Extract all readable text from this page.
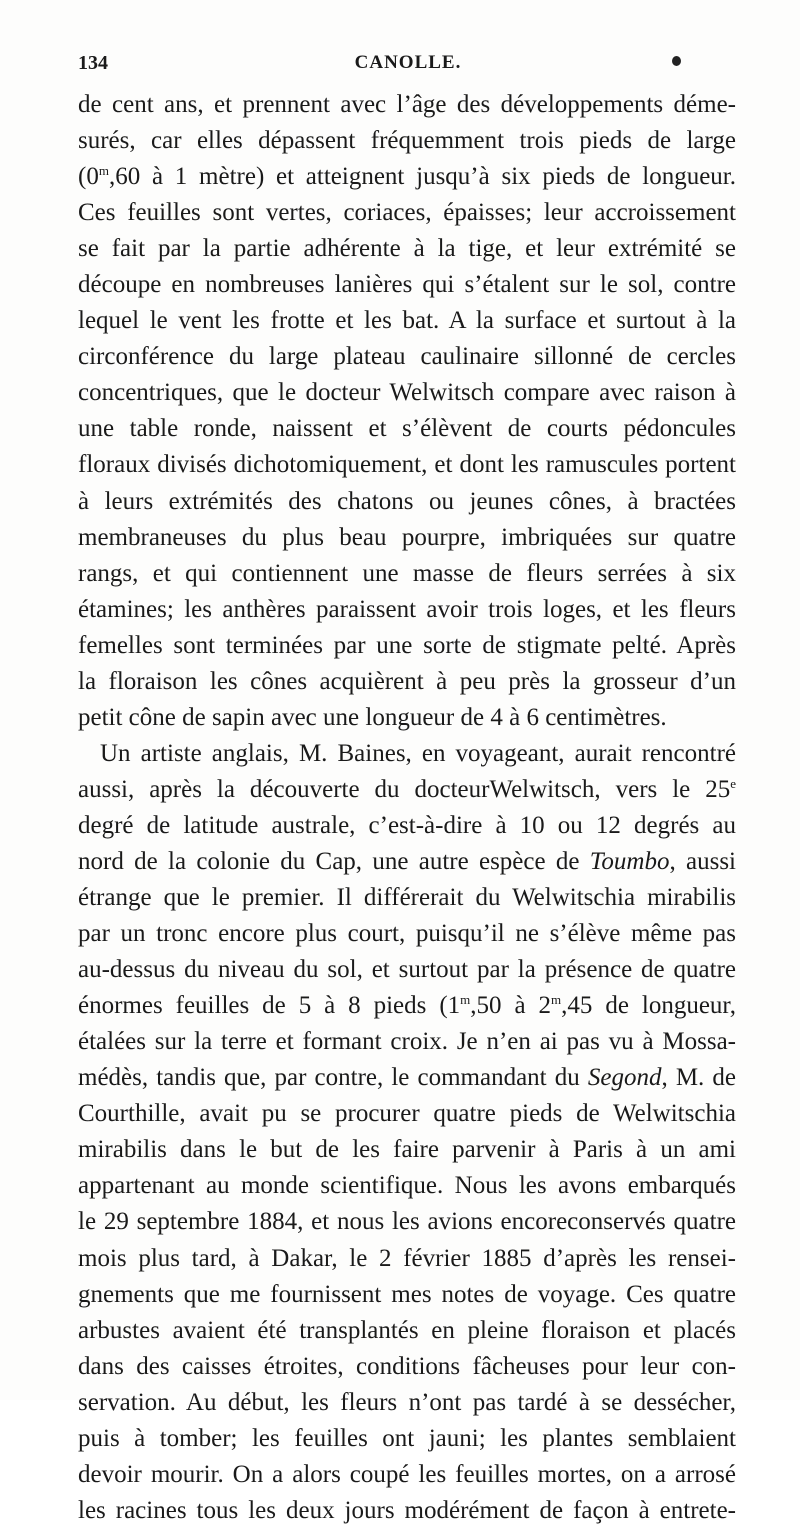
134	CANOLLE.

de cent ans, et prennent avec l’âge des développements déme-
surés, car elles dépassent fréquemment trois pieds de large
(0$^m$,60 à 1 mètre) et atteignent jusqu’à six pieds de longueur.
Ces feuilles sont vertes, coriaces, épaisses; leur accroissement
se fait par la partie adhérente à la tige, et leur extrémité se
découpe en nombreuses lanières qui s’étalent sur le sol, contre
lequel le vent les frotte et les bat. A la surface et surtout à la
circonférence du large plateau caulinaire sillonné de cercles
concentriques, que le docteur Welwitsch compare avec raison à
une table ronde, naissent et s’élèvent de courts pédoncules
floraux divisés dichotomiquement, et dont les ramuscules portent
à leurs extrémités des chatons ou jeunes cônes, à bractées
membraneuses du plus beau pourpre, imbriquées sur quatre
rangs, et qui contiennent une masse de fleurs serrées à six
étamines; les anthères paraissent avoir trois loges, et les fleurs
femelles sont terminées par une sorte de stigmate pelté. Après
la floraison les cônes acquièrent à peu près la grosseur d’un
petit cône de sapin avec une longueur de 4 à 6 centimètres.

Un artiste anglais, M. Baines, en voyageant, aurait rencontré
aussi, après la découverte du docteurWelwitsch, vers le 25e
degré de latitude australe, c’est-à-dire à 10 ou 12 degrés au
nord de la colonie du Cap, une autre espèce de Toumbo, aussi
étrange que le premier. Il différerait du Welwitschia mirabilis
par un tronc encore plus court, puisqu’il ne s’élève même pas
au-dessus du niveau du sol, et surtout par la présence de quatre
énormes feuilles de 5 à 8 pieds (1$^m$,50 à 2$^m$,45 de longueur,
étalées sur la terre et formant croix. Je n’en ai pas vu à Mossa-
médès, tandis que, par contre, le commandant du Segond, M. de
Courthille, avait pu se procurer quatre pieds de Welwitschia
mirabilis dans le but de les faire parvenir à Paris à un ami
appartenant au monde scientifique. Nous les avons embarqués
le 29 septembre 1884, et nous les avions encoreconservés quatre
mois plus tard, à Dakar, le 2 février 1885 d’après les rensei-
gnements que me fournissent mes notes de voyage. Ces quatre
arbustes avaient été transplantés en pleine floraison et placés
dans des caisses étroites, conditions fâcheuses pour leur con-
servation. Au début, les fleurs n’ont pas tardé à se dessécher,
puis à tomber; les feuilles ont jauni; les plantes semblaient
devoir mourir. On a alors coupé les feuilles mortes, on a arrosé
les racines tous les deux jours modérément de façon à entrete-
